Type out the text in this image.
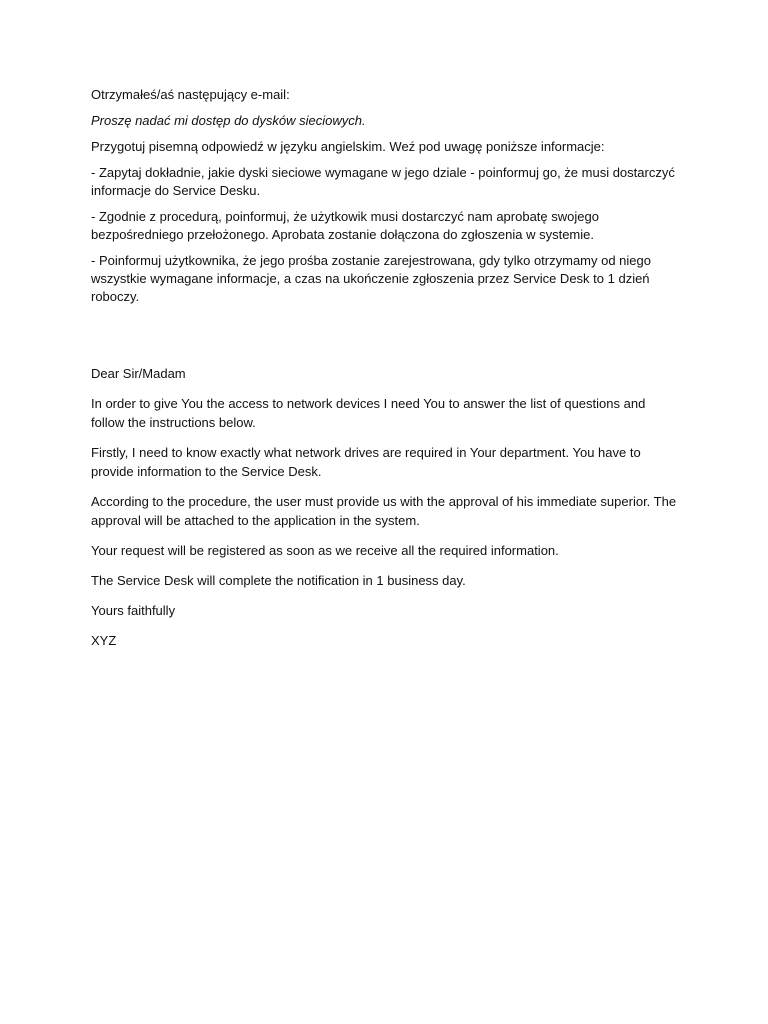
Otrzymałeś/aś następujący e-mail:

Proszę nadać mi dostęp do dysków sieciowych.

Przygotuj pisemną odpowiedź w języku angielskim. Weź pod uwagę poniższe informacje:

- Zapytaj dokładnie, jakie dyski sieciowe wymagane w jego dziale - poinformuj go, że musi dostarczyć informacje do Service Desku.

- Zgodnie z procedurą, poinformuj, że użytkowik musi dostarczyć nam aprobatę swojego bezpośredniego przełożonego. Aprobata zostanie dołączona do zgłoszenia w systemie.

- Poinformuj użytkownika, że jego prośba zostanie zarejestrowana, gdy tylko otrzymamy od niego wszystkie wymagane informacje, a czas na ukończenie zgłoszenia przez Service Desk to 1 dzień roboczy.

Dear Sir/Madam

In order to give You the access to network devices I need You to answer the list of questions and follow the instructions below.

Firstly, I need to know exactly what network drives are required in Your department. You have to provide information to the Service Desk.

According to the procedure, the user must provide us with the approval of his immediate superior. The approval will be attached to the application in the system.

Your request will be registered as soon as we receive all the required information.

The Service Desk will complete the notification in 1 business day.

Yours faithfully

XYZ
